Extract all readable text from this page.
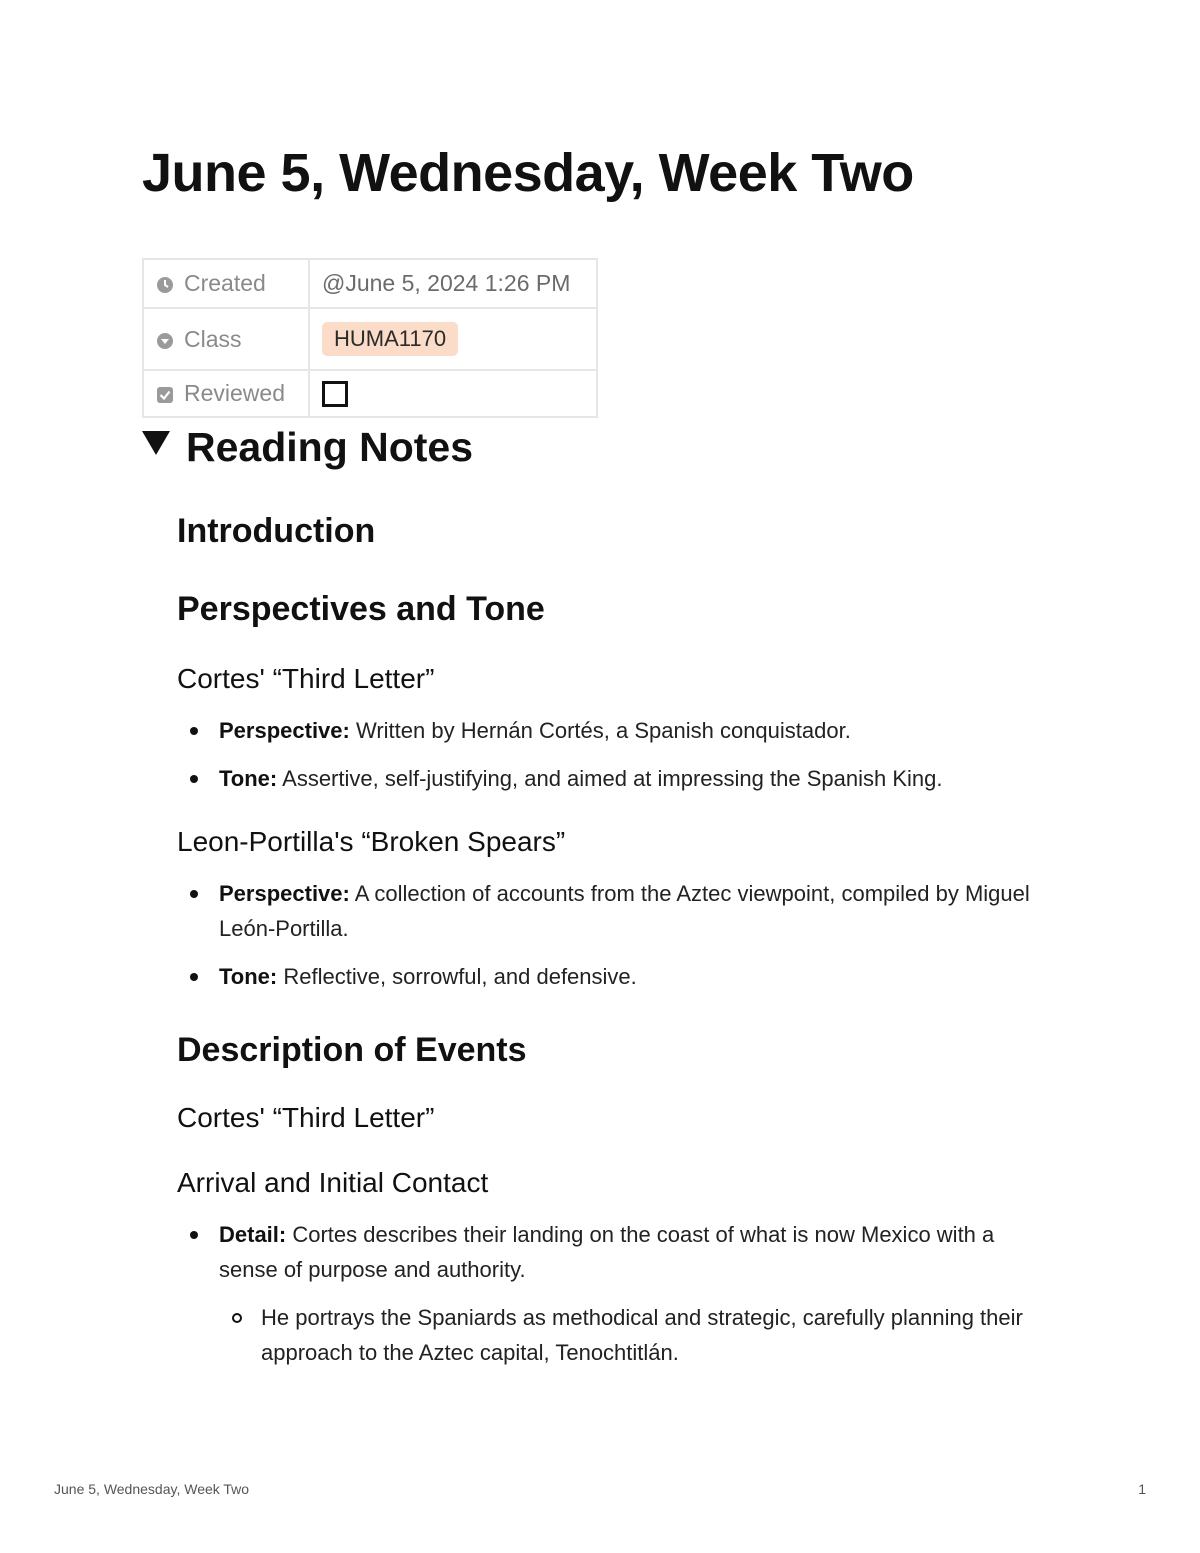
June 5, Wednesday, Week Two
Created	@June 5, 2024 1:26 PM
Class	HUMA1170
Reviewed	
Reading Notes
Introduction
Perspectives and Tone
Cortes' “Third Letter”
Perspective: Written by Hernán Cortés, a Spanish conquistador.
Tone: Assertive, self-justifying, and aimed at impressing the Spanish King.
Leon-Portilla's “Broken Spears”
Perspective: A collection of accounts from the Aztec viewpoint, compiled by Miguel León-Portilla.
Tone: Reflective, sorrowful, and defensive.
Description of Events
Cortes' “Third Letter”
Arrival and Initial Contact
Detail: Cortes describes their landing on the coast of what is now Mexico with a sense of purpose and authority.
He portrays the Spaniards as methodical and strategic, carefully planning their approach to the Aztec capital, Tenochtitlán.
June 5, Wednesday, Week Two	1
